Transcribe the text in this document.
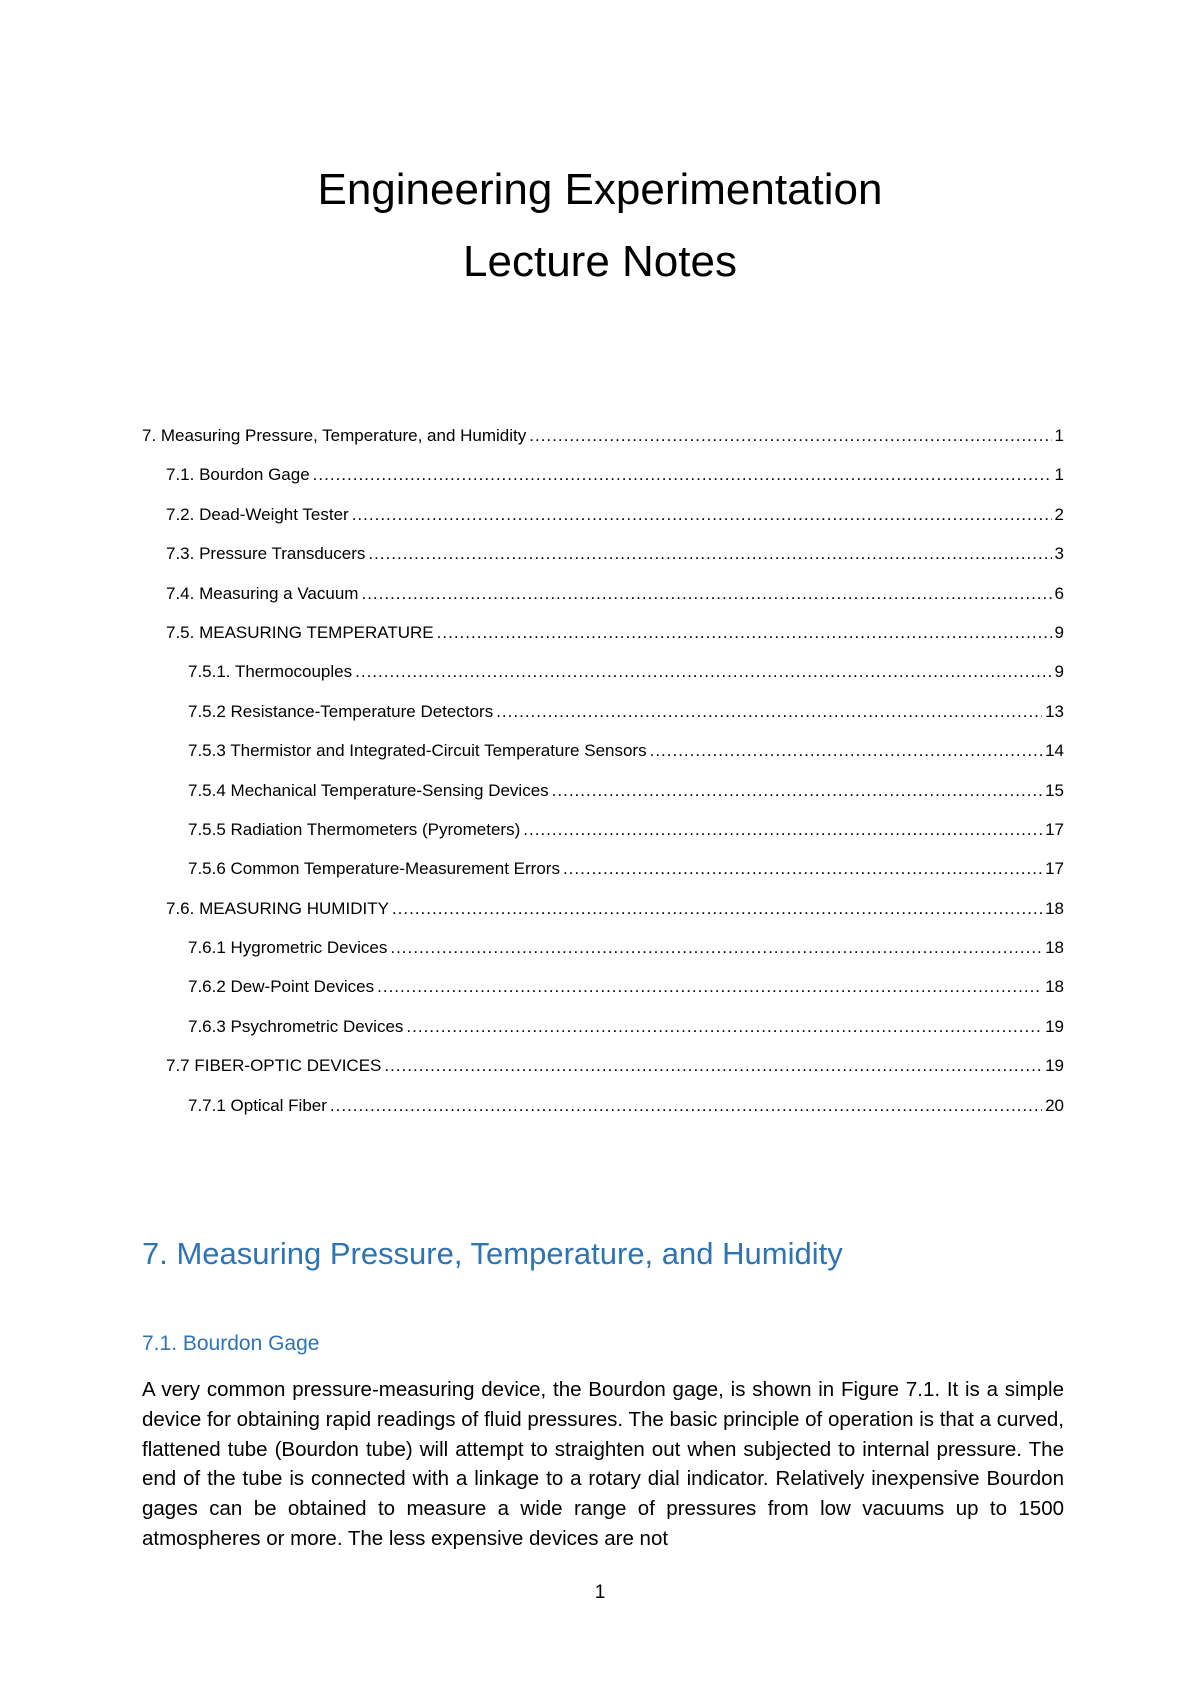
Engineering Experimentation
Lecture Notes
7. Measuring Pressure, Temperature, and Humidity .....	1
7.1. Bourdon Gage .....	1
7.2. Dead-Weight Tester .....	2
7.3. Pressure Transducers .....	3
7.4. Measuring a Vacuum .....	6
7.5. MEASURING TEMPERATURE .....	9
7.5.1. Thermocouples .....	9
7.5.2 Resistance-Temperature Detectors .....	13
7.5.3 Thermistor and Integrated-Circuit Temperature Sensors .....	14
7.5.4 Mechanical Temperature-Sensing Devices .....	15
7.5.5 Radiation Thermometers (Pyrometers) .....	17
7.5.6 Common Temperature-Measurement Errors .....	17
7.6. MEASURING HUMIDITY .....	18
7.6.1 Hygrometric Devices .....	18
7.6.2 Dew-Point Devices .....	18
7.6.3 Psychrometric Devices .....	19
7.7 FIBER-OPTIC DEVICES .....	19
7.7.1 Optical Fiber .....	20
7. Measuring Pressure, Temperature, and Humidity
7.1. Bourdon Gage
A very common pressure-measuring device, the Bourdon gage, is shown in Figure 7.1. It is a simple device for obtaining rapid readings of fluid pressures. The basic principle of operation is that a curved, flattened tube (Bourdon tube) will attempt to straighten out when subjected to internal pressure. The end of the tube is connected with a linkage to a rotary dial indicator. Relatively inexpensive Bourdon gages can be obtained to measure a wide range of pressures from low vacuums up to 1500 atmospheres or more. The less expensive devices are not
1
